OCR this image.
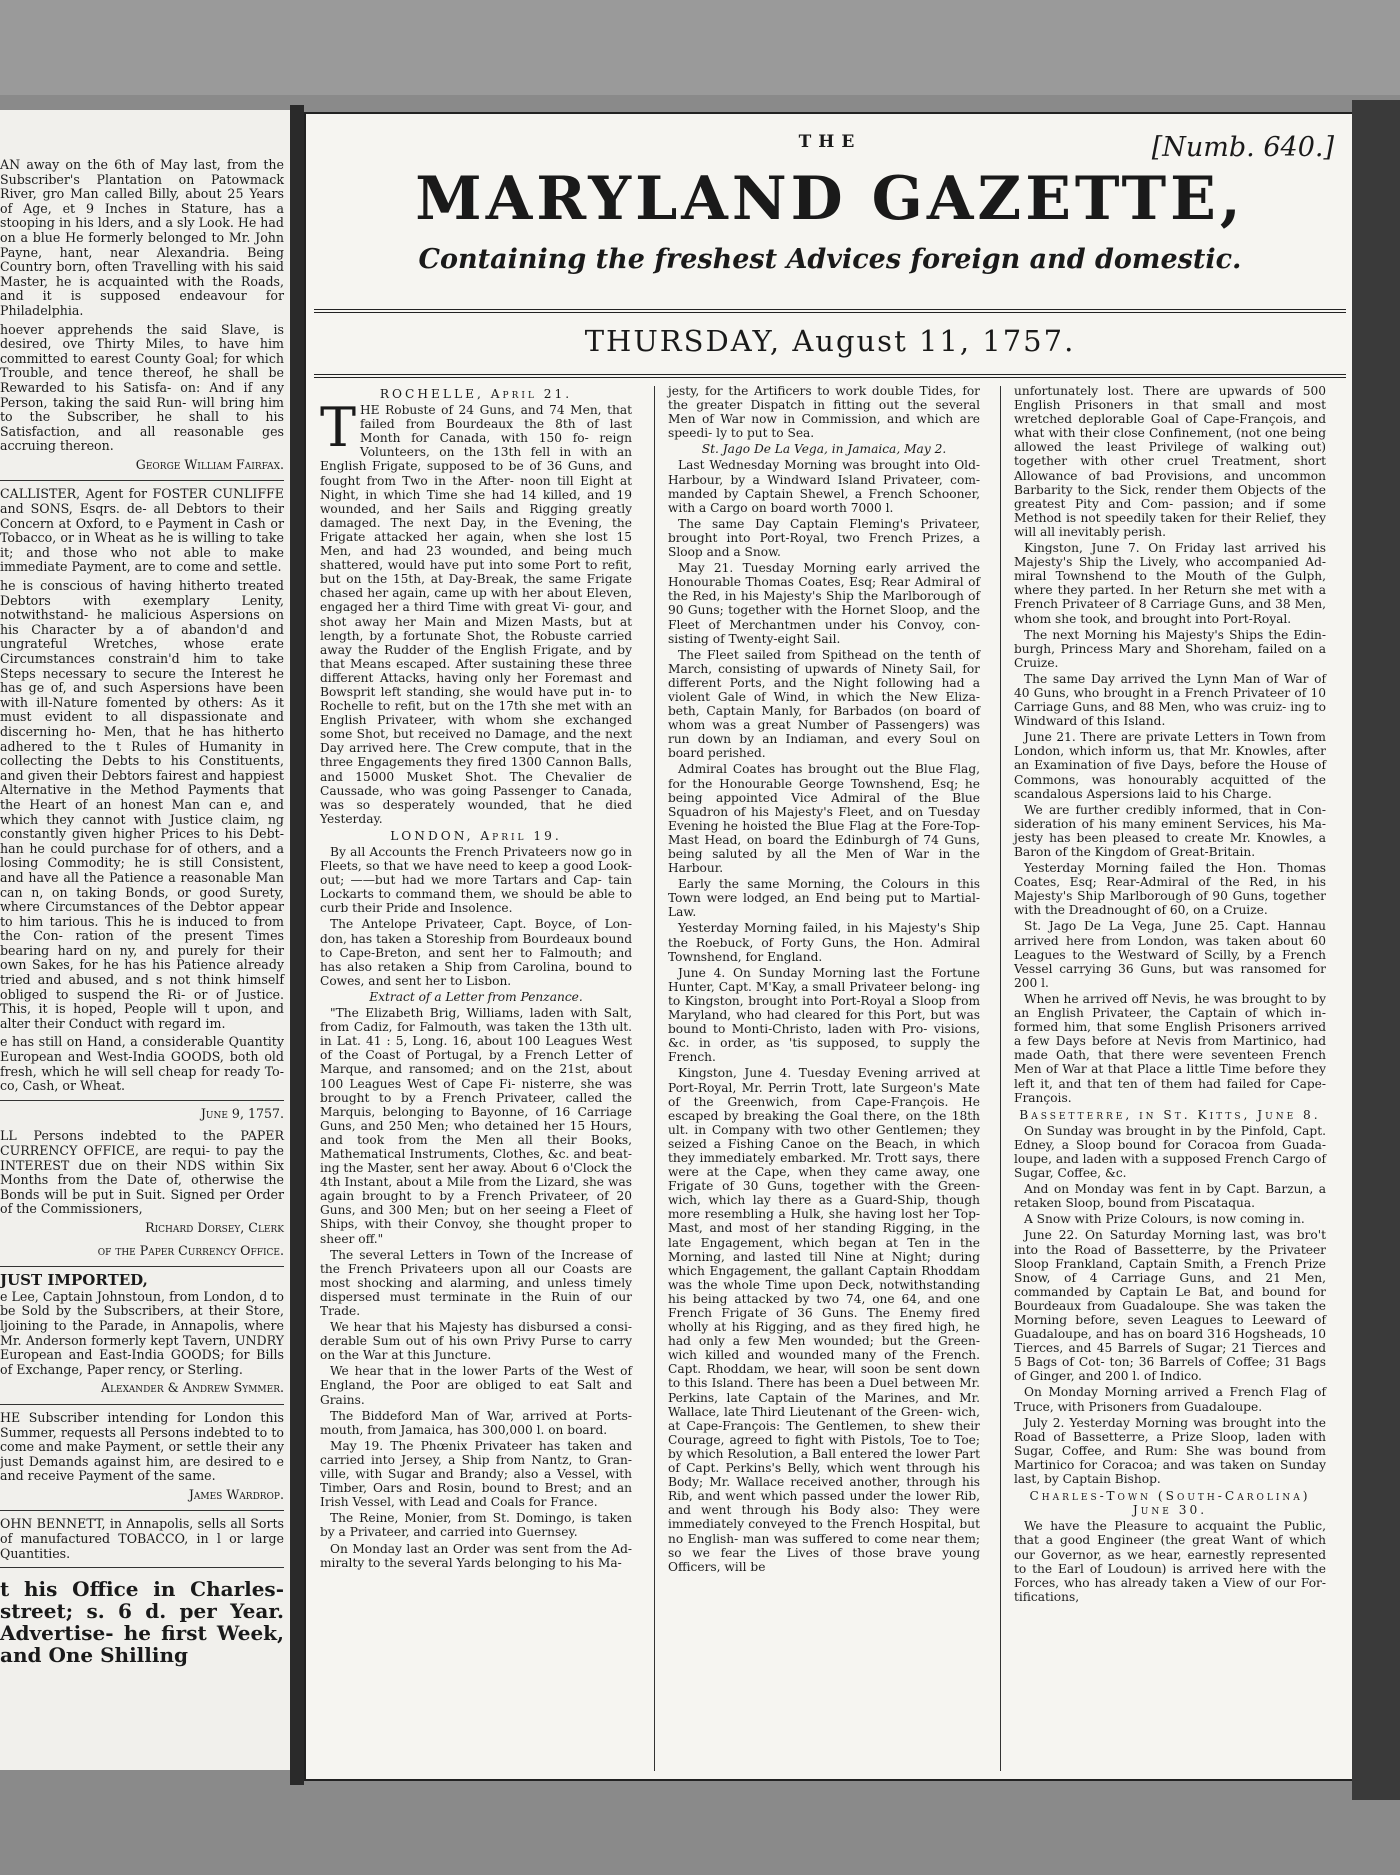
AN away on the 6th of May last, from the Subscriber's Plantation on Patowmack River, gro Man called Billy, about 25 Years of Age, et 9 Inches in Stature, has a stooping in his lders, and a sly Look. He had on a blue He formerly belonged to Mr. John Payne, hant, near Alexandria. Being Country born, often Travelling with his said Master, he is acquainted with the Roads, and it is supposed endeavour for Philadelphia.

hoever apprehends the said Slave, is desired, ove Thirty Miles, to have him committed to earest County Goal; for which Trouble, and tence thereof, he shall be Rewarded to his Satisfa- on: And if any Person, taking the said Run- will bring him to the Subscriber, he shall to his Satisfaction, and all reasonable ges accruing thereon.

George William Fairfax.

CALLISTER, Agent for FOSTER CUNLIFFE and SONS, Esqrs. de- all Debtors to their Concern at Oxford, to e Payment in Cash or Tobacco, or in Wheat as he is willing to take it; and those who not able to make immediate Payment, are to come and settle.

he is conscious of having hitherto treated Debtors with exemplary Lenity, notwithstand- he malicious Aspersions on his Character by a of abandon'd and ungrateful Wretches, whose erate Circumstances constrain'd him to take Steps necessary to secure the Interest he has ge of, and such Aspersions have been with ill-Nature fomented by others: As it must evident to all dispassionate and discerning ho- Men, that he has hitherto adhered to the t Rules of Humanity in collecting the Debts to his Constituents, and given their Debtors fairest and happiest Alternative in the Method Payments that the Heart of an honest Man can e, and which they cannot with Justice claim, ng constantly given higher Prices to his Debt- han he could purchase for of others, and a losing Commodity; he is still Consistent, and have all the Patience a reasonable Man can n, on taking Bonds, or good Surety, where Circumstances of the Debtor appear to him tarious. This he is induced to from the Con- ration of the present Times bearing hard on ny, and purely for their own Sakes, for he has his Patience already tried and abused, and s not think himself obliged to suspend the Ri- or of Justice. This, it is hoped, People will t upon, and alter their Conduct with regard im.

e has still on Hand, a considerable Quantity European and West-India GOODS, both old fresh, which he will sell cheap for ready To- co, Cash, or Wheat.

June 9, 1757.

LL Persons indebted to the PAPER CURRENCY OFFICE, are requi- to pay the INTEREST due on their NDS within Six Months from the Date of, otherwise the Bonds will be put in Suit. Signed per Order of the Commissioners,

Richard Dorsey, Clerk

of the Paper Currency Office.

JUST IMPORTED,

e Lee, Captain Johnstoun, from London, d to be Sold by the Subscribers, at their Store, ljoining to the Parade, in Annapolis, where Mr. Anderson formerly kept Tavern, UNDRY European and East-India GOODS; for Bills of Exchange, Paper rency, or Sterling.

Alexander & Andrew Symmer.

HE Subscriber intending for London this Summer, requests all Persons indebted to to come and make Payment, or settle their any just Demands against him, are desired to e and receive Payment of the same.

James Wardrop.

OHN BENNETT, in Annapolis, sells all Sorts of manufactured TOBACCO, in l or large Quantities.

t his Office in Charles-street; s. 6 d. per Year. Advertise- he first Week, and One Shilling

[Numb. 640.]
THE
MARYLAND GAZETTE,
Containing the freshest Advices foreign and domestic.
THURSDAY, August 11, 1757.

ROCHELLE, April 21.

THE Robuste of 24 Guns, and 74 Men, that failed from Bourdeaux the 8th of last Month for Canada, with 150 fo- reign Volunteers, on the 13th fell in with an English Frigate, supposed to be of 36 Guns, and fought from Two in the After- noon till Eight at Night, in which Time she had 14 killed, and 19 wounded, and her Sails and Rigging greatly damaged. The next Day, in the Evening, the Frigate attacked her again, when she lost 15 Men, and had 23 wounded, and being much shattered, would have put into some Port to refit, but on the 15th, at Day-Break, the same Frigate chased her again, came up with her about Eleven, engaged her a third Time with great Vi- gour, and shot away her Main and Mizen Masts, but at length, by a fortunate Shot, the Robuste carried away the Rudder of the English Frigate, and by that Means escaped. After sustaining these three different Attacks, having only her Foremast and Bowsprit left standing, she would have put in- to Rochelle to refit, but on the 17th she met with an English Privateer, with whom she exchanged some Shot, but received no Damage, and the next Day arrived here. The Crew compute, that in the three Engagements they fired 1300 Cannon Balls, and 15000 Musket Shot. The Chevalier de Caussade, who was going Passenger to Canada, was so desperately wounded, that he died Yesterday.

LONDON, April 19.

By all Accounts the French Privateers now go in Fleets, so that we have need to keep a good Look-out; ——but had we more Tartars and Cap- tain Lockarts to command them, we should be able to curb their Pride and Insolence.

The Antelope Privateer, Capt. Boyce, of Lon- don, has taken a Storeship from Bourdeaux bound to Cape-Breton, and sent her to Falmouth; and has also retaken a Ship from Carolina, bound to Cowes, and sent her to Lisbon.

Extract of a Letter from Penzance.

"The Elizabeth Brig, Williams, laden with Salt, from Cadiz, for Falmouth, was taken the 13th ult. in Lat. 41 : 5, Long. 16, about 100 Leagues West of the Coast of Portugal, by a French Letter of Marque, and ransomed; and on the 21st, about 100 Leagues West of Cape Fi- nisterre, she was brought to by a French Privateer, called the Marquis, belonging to Bayonne, of 16 Carriage Guns, and 250 Men; who detained her 15 Hours, and took from the Men all their Books, Mathematical Instruments, Clothes, &c. and beat- ing the Master, sent her away. About 6 o'Clock the 4th Instant, about a Mile from the Lizard, she was again brought to by a French Privateer, of 20 Guns, and 300 Men; but on her seeing a Fleet of Ships, with their Convoy, she thought proper to sheer off."

The several Letters in Town of the Increase of the French Privateers upon all our Coasts are most shocking and alarming, and unless timely dispersed must terminate in the Ruin of our Trade.

We hear that his Majesty has disbursed a consi- derable Sum out of his own Privy Purse to carry on the War at this Juncture.

We hear that in the lower Parts of the West of England, the Poor are obliged to eat Salt and Grains.

The Biddeford Man of War, arrived at Ports- mouth, from Jamaica, has 300,000 l. on board.

May 19. The Phœnix Privateer has taken and carried into Jersey, a Ship from Nantz, to Gran- ville, with Sugar and Brandy; also a Vessel, with Timber, Oars and Rosin, bound to Brest; and an Irish Vessel, with Lead and Coals for France.

The Reine, Monier, from St. Domingo, is taken by a Privateer, and carried into Guernsey.

On Monday last an Order was sent from the Ad- miralty to the several Yards belonging to his Ma-

jesty, for the Artificers to work double Tides, for the greater Dispatch in fitting out the several Men of War now in Commission, and which are speedi- ly to put to Sea.

St. Jago De La Vega, in Jamaica, May 2.

Last Wednesday Morning was brought into Old- Harbour, by a Windward Island Privateer, com- manded by Captain Shewel, a French Schooner, with a Cargo on board worth 7000 l.

The same Day Captain Fleming's Privateer, brought into Port-Royal, two French Prizes, a Sloop and a Snow.

May 21. Tuesday Morning early arrived the Honourable Thomas Coates, Esq; Rear Admiral of the Red, in his Majesty's Ship the Marlborough of 90 Guns; together with the Hornet Sloop, and the Fleet of Merchantmen under his Convoy, con- sisting of Twenty-eight Sail.

The Fleet sailed from Spithead on the tenth of March, consisting of upwards of Ninety Sail, for different Ports, and the Night following had a violent Gale of Wind, in which the New Eliza- beth, Captain Manly, for Barbados (on board of whom was a great Number of Passengers) was run down by an Indiaman, and every Soul on board perished.

Admiral Coates has brought out the Blue Flag, for the Honourable George Townshend, Esq; he being appointed Vice Admiral of the Blue Squadron of his Majesty's Fleet, and on Tuesday Evening he hoisted the Blue Flag at the Fore-Top-Mast Head, on board the Edinburgh of 74 Guns, being saluted by all the Men of War in the Harbour.

Early the same Morning, the Colours in this Town were lodged, an End being put to Martial- Law.

Yesterday Morning failed, in his Majesty's Ship the Roebuck, of Forty Guns, the Hon. Admiral Townshend, for England.

June 4. On Sunday Morning last the Fortune Hunter, Capt. M'Kay, a small Privateer belong- ing to Kingston, brought into Port-Royal a Sloop from Maryland, who had cleared for this Port, but was bound to Monti-Christo, laden with Pro- visions, &c. in order, as 'tis supposed, to supply the French.

Kingston, June 4. Tuesday Evening arrived at Port-Royal, Mr. Perrin Trott, late Surgeon's Mate of the Greenwich, from Cape-François. He escaped by breaking the Goal there, on the 18th ult. in Company with two other Gentlemen; they seized a Fishing Canoe on the Beach, in which they immediately embarked. Mr. Trott says, there were at the Cape, when they came away, one Frigate of 30 Guns, together with the Green- wich, which lay there as a Guard-Ship, though more resembling a Hulk, she having lost her Top- Mast, and most of her standing Rigging, in the late Engagement, which began at Ten in the Morning, and lasted till Nine at Night; during which Engagement, the gallant Captain Rhoddam was the whole Time upon Deck, notwithstanding his being attacked by two 74, one 64, and one French Frigate of 36 Guns. The Enemy fired wholly at his Rigging, and as they fired high, he had only a few Men wounded; but the Green- wich killed and wounded many of the French. Capt. Rhoddam, we hear, will soon be sent down to this Island. There has been a Duel between Mr. Perkins, late Captain of the Marines, and Mr. Wallace, late Third Lieutenant of the Green- wich, at Cape-François: The Gentlemen, to shew their Courage, agreed to fight with Pistols, Toe to Toe; by which Resolution, a Ball entered the lower Part of Capt. Perkins's Belly, which went through his Body; Mr. Wallace received another, through his Rib, and went which passed under the lower Rib, and went through his Body also: They were immediately conveyed to the French Hospital, but no English- man was suffered to come near them; so we fear the Lives of those brave young Officers, will be

unfortunately lost. There are upwards of 500 English Prisoners in that small and most wretched deplorable Goal of Cape-François, and what with their close Confinement, (not one being allowed the least Privilege of walking out) together with other cruel Treatment, short Allowance of bad Provisions, and uncommon Barbarity to the Sick, render them Objects of the greatest Pity and Com- passion; and if some Method is not speedily taken for their Relief, they will all inevitably perish.

Kingston, June 7. On Friday last arrived his Majesty's Ship the Lively, who accompanied Ad- miral Townshend to the Mouth of the Gulph, where they parted. In her Return she met with a French Privateer of 8 Carriage Guns, and 38 Men, whom she took, and brought into Port-Royal.

The next Morning his Majesty's Ships the Edin- burgh, Princess Mary and Shoreham, failed on a Cruize.

The same Day arrived the Lynn Man of War of 40 Guns, who brought in a French Privateer of 10 Carriage Guns, and 88 Men, who was cruiz- ing to Windward of this Island.

June 21. There are private Letters in Town from London, which inform us, that Mr. Knowles, after an Examination of five Days, before the House of Commons, was honourably acquitted of the scandalous Aspersions laid to his Charge.

We are further credibly informed, that in Con- sideration of his many eminent Services, his Ma- jesty has been pleased to create Mr. Knowles, a Baron of the Kingdom of Great-Britain.

Yesterday Morning failed the Hon. Thomas Coates, Esq; Rear-Admiral of the Red, in his Majesty's Ship Marlborough of 90 Guns, together with the Dreadnought of 60, on a Cruize.

St. Jago De La Vega, June 25. Capt. Hannau arrived here from London, was taken about 60 Leagues to the Westward of Scilly, by a French Vessel carrying 36 Guns, but was ransomed for 200 l.

When he arrived off Nevis, he was brought to by an English Privateer, the Captain of which in- formed him, that some English Prisoners arrived a few Days before at Nevis from Martinico, had made Oath, that there were seventeen French Men of War at that Place a little Time before they left it, and that ten of them had failed for Cape- François.

Bassetterre, in St. Kitts, June 8.

On Sunday was brought in by the Pinfold, Capt. Edney, a Sloop bound for Coracoa from Guada- loupe, and laden with a supposed French Cargo of Sugar, Coffee, &c.

And on Monday was fent in by Capt. Barzun, a retaken Sloop, bound from Piscataqua.

A Snow with Prize Colours, is now coming in.

June 22. On Saturday Morning last, was bro't into the Road of Bassetterre, by the Privateer Sloop Frankland, Captain Smith, a French Prize Snow, of 4 Carriage Guns, and 21 Men, commanded by Captain Le Bat, and bound for Bourdeaux from Guadaloupe. She was taken the Morning before, seven Leagues to Leeward of Guadaloupe, and has on board 316 Hogsheads, 10 Tierces, and 45 Barrels of Sugar; 21 Tierces and 5 Bags of Cot- ton; 36 Barrels of Coffee; 31 Bags of Ginger, and 200 l. of Indico.

On Monday Morning arrived a French Flag of Truce, with Prisoners from Guadaloupe.

July 2. Yesterday Morning was brought into the Road of Bassetterre, a Prize Sloop, laden with Sugar, Coffee, and Rum: She was bound from Martinico for Coracoa; and was taken on Sunday last, by Captain Bishop.

Charles-Town (South-Carolina) June 30.

We have the Pleasure to acquaint the Public, that a good Engineer (the great Want of which our Governor, as we hear, earnestly represented to the Earl of Loudoun) is arrived here with the Forces, who has already taken a View of our For- tifications,
